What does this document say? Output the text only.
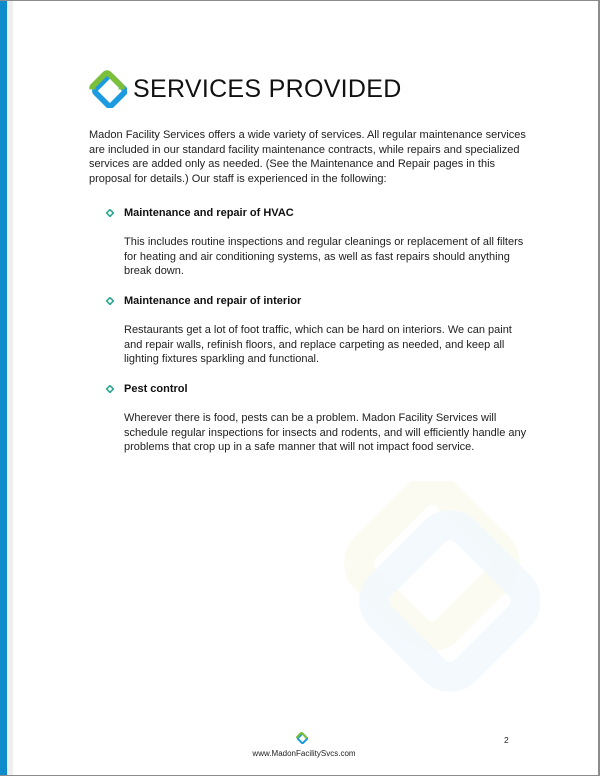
SERVICES PROVIDED

Madon Facility Services offers a wide variety of services. All regular maintenance services are included in our standard facility maintenance contracts, while repairs and specialized services are added only as needed. (See the Maintenance and Repair pages in this proposal for details.) Our staff is experienced in the following:

Maintenance and repair of HVAC

This includes routine inspections and regular cleanings or replacement of all filters for heating and air conditioning systems, as well as fast repairs should anything break down.

Maintenance and repair of interior

Restaurants get a lot of foot traffic, which can be hard on interiors. We can paint and repair walls, refinish floors, and replace carpeting as needed, and keep all lighting fixtures sparkling and functional.

Pest control

Wherever there is food, pests can be a problem. Madon Facility Services will schedule regular inspections for insects and rodents, and will efficiently handle any problems that crop up in a safe manner that will not impact food service.

www.MadonFacilitySvcs.com
2
